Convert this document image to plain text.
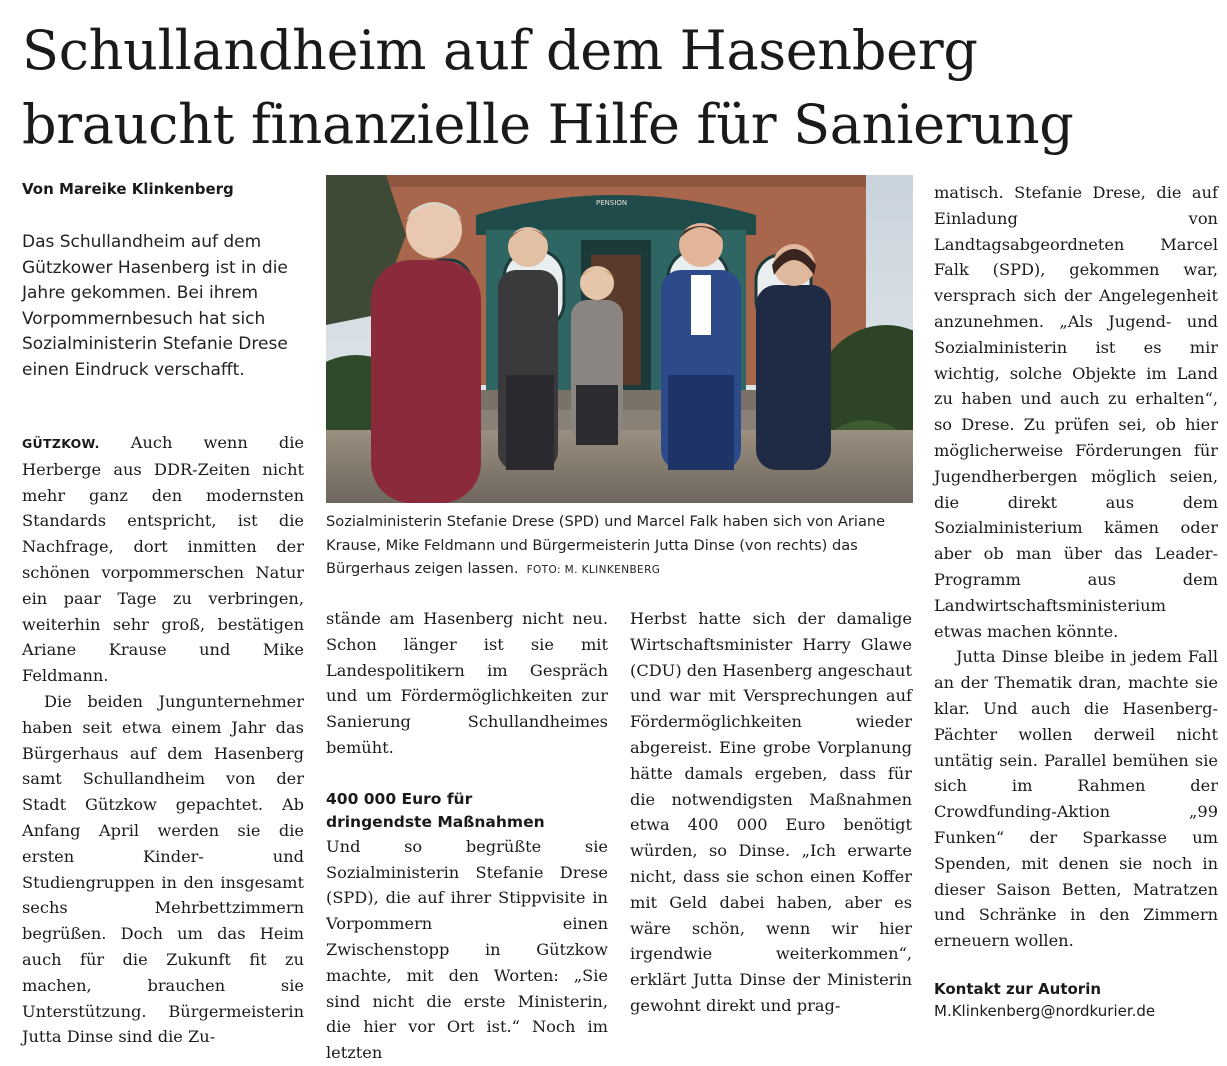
Schullandheim auf dem Hasenberg
braucht finanzielle Hilfe für Sanierung
Von Mareike Klinkenberg
Das Schullandheim auf dem Gützkower Hasenberg ist in die Jahre gekommen. Bei ihrem Vorpommernbesuch hat sich Sozialministerin Stefanie Drese einen Eindruck verschafft.

GÜTZKOW. Auch wenn die Herberge aus DDR-Zeiten nicht mehr ganz den modernsten Standards entspricht, ist die Nachfrage, dort inmitten der schönen vorpommerschen Natur ein paar Tage zu verbringen, weiterhin sehr groß, bestätigen Ariane Krause und Mike Feldmann.

Die beiden Jungunternehmer haben seit etwa einem Jahr das Bürgerhaus auf dem Hasenberg samt Schullandheim von der Stadt Gützkow gepachtet. Ab Anfang April werden sie die ersten Kinder- und Studiengruppen in den insgesamt sechs Mehrbettzimmern begrüßen. Doch um das Heim auch für die Zukunft fit zu machen, brauchen sie Unterstützung. Bürgermeisterin Jutta Dinse sind die Zu-

PENSION
Sozialministerin Stefanie Drese (SPD) und Marcel Falk haben sich von Ariane Krause, Mike Feldmann und Bürgermeisterin Jutta Dinse (von rechts) das Bürgerhaus zeigen lassen. FOTO: M. KLINKENBERG

stände am Hasenberg nicht neu. Schon länger ist sie mit Landespolitikern im Gespräch und um Fördermöglichkeiten zur Sanierung Schullandheimes bemüht.

400 000 Euro für

dringendste Maßnahmen

Und so begrüßte sie Sozialministerin Stefanie Drese (SPD), die auf ihrer Stippvisite in Vorpommern einen Zwischenstopp in Gützkow machte, mit den Worten: „Sie sind nicht die erste Ministerin, die hier vor Ort ist.“ Noch im letzten

Herbst hatte sich der damalige Wirtschaftsminister Harry Glawe (CDU) den Hasenberg angeschaut und war mit Versprechungen auf Fördermöglichkeiten wieder abgereist. Eine grobe Vorplanung hätte damals ergeben, dass für die notwendigsten Maßnahmen etwa 400 000 Euro benötigt würden, so Dinse. „Ich erwarte nicht, dass sie schon einen Koffer mit Geld dabei haben, aber es wäre schön, wenn wir hier irgendwie weiterkommen“, erklärt Jutta Dinse der Ministerin gewohnt direkt und prag-

matisch. Stefanie Drese, die auf Einladung von Landtagsabgeordneten Marcel Falk (SPD), gekommen war, versprach sich der Angelegenheit anzunehmen. „Als Jugend- und Sozialministerin ist es mir wichtig, solche Objekte im Land zu haben und auch zu erhalten“, so Drese. Zu prüfen sei, ob hier möglicherweise Förderungen für Jugendherbergen möglich seien, die direkt aus dem Sozialministerium kämen oder aber ob man über das Leader-Programm aus dem Landwirtschaftsministerium etwas machen könnte.

Jutta Dinse bleibe in jedem Fall an der Thematik dran, machte sie klar. Und auch die Hasenberg-Pächter wollen derweil nicht untätig sein. Parallel bemühen sie sich im Rahmen der Crowdfunding-Aktion „99 Funken“ der Sparkasse um Spenden, mit denen sie noch in dieser Saison Betten, Matratzen und Schränke in den Zimmern erneuern wollen.

Kontakt zur Autorin
M.Klinkenberg@nordkurier.de
